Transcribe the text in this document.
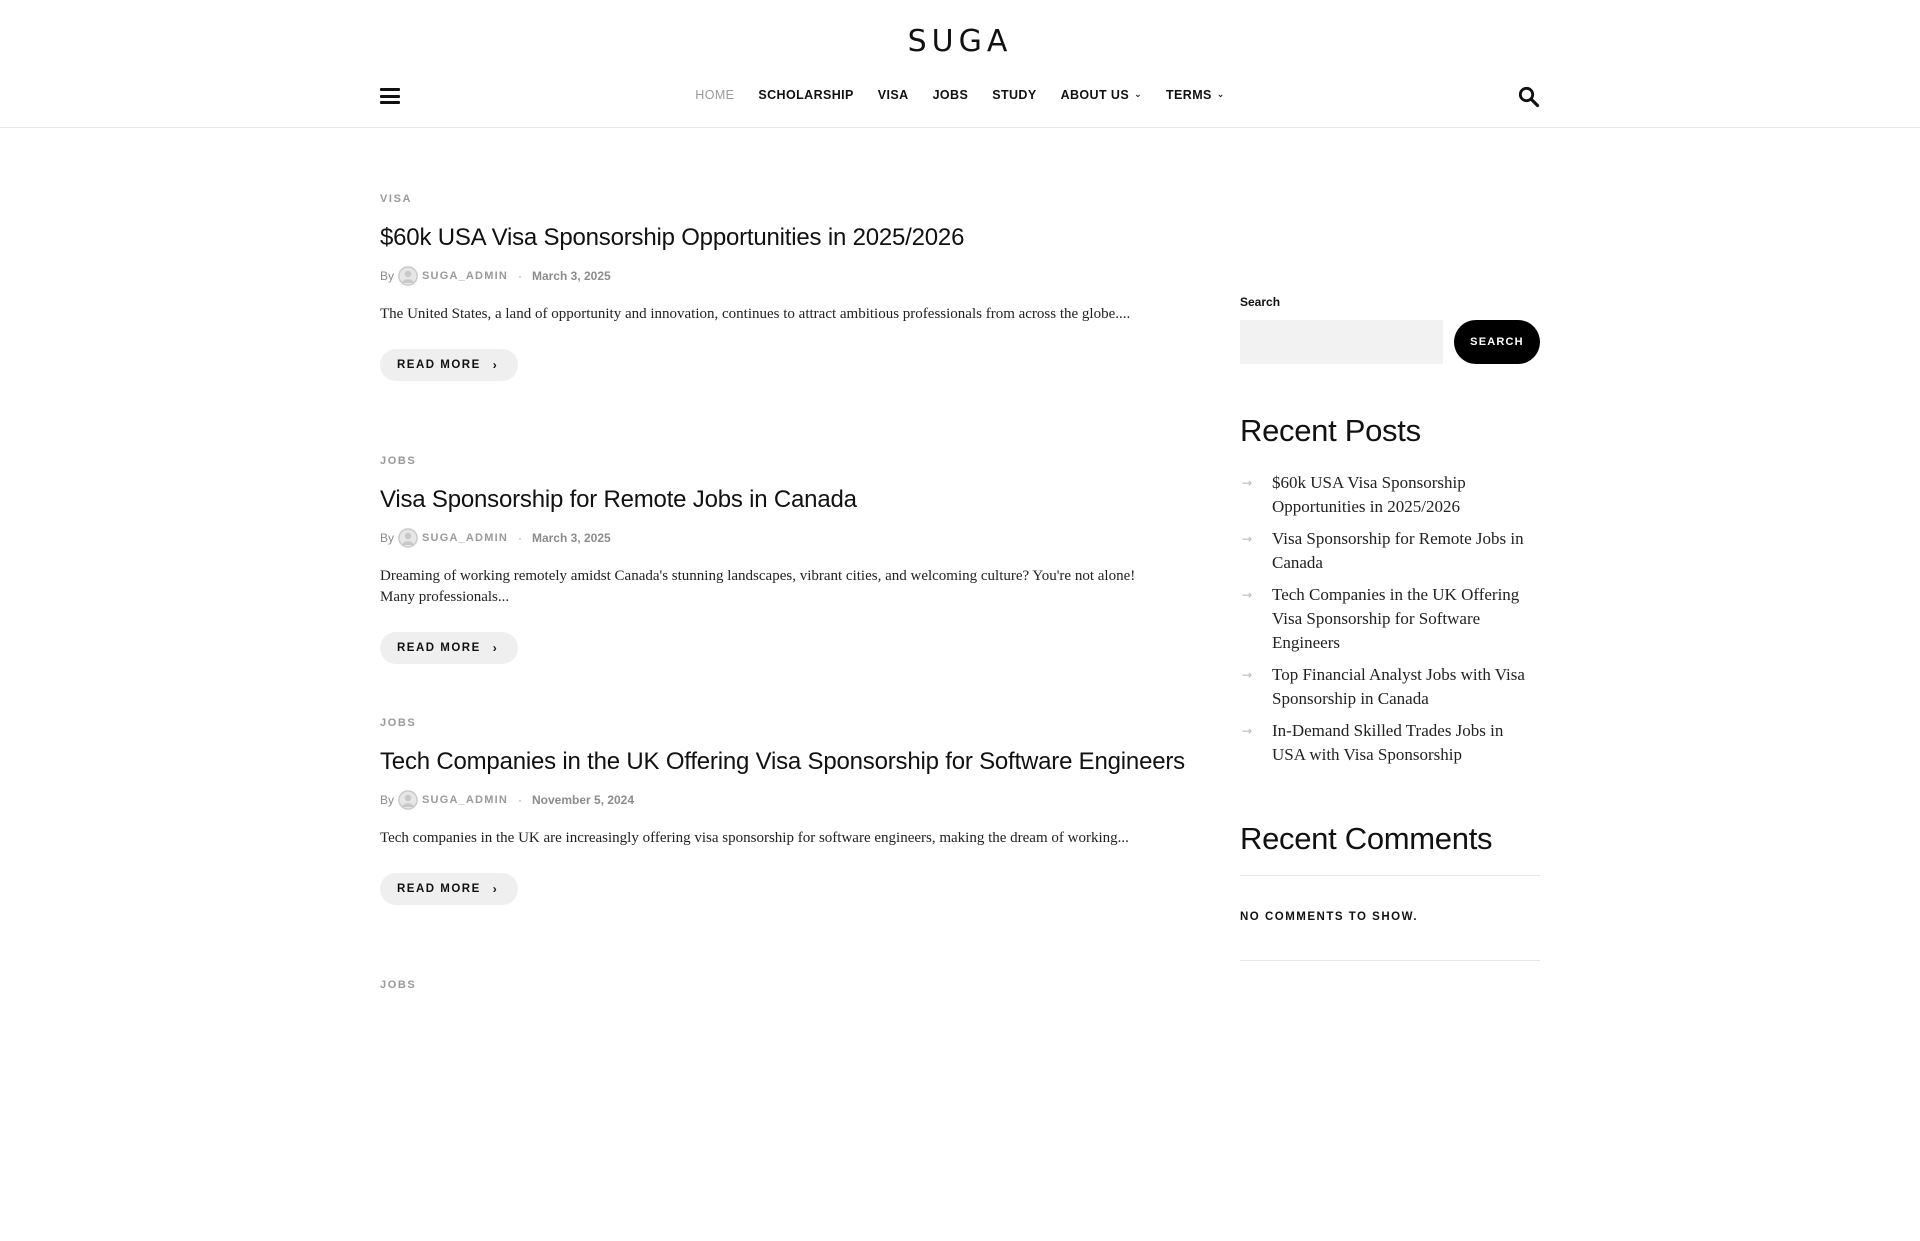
SUGA
HOME SCHOLARSHIP VISA JOBS STUDY ABOUT US ⌄ TERMS ⌄
VISA
$60k USA Visa Sponsorship Opportunities in 2025/2026
By	SUGA_ADMIN · March 3, 2025
The United States, a land of opportunity and innovation, continues to attract ambitious professionals from across the globe....
READ MORE ›
JOBS
Visa Sponsorship for Remote Jobs in Canada
By	SUGA_ADMIN · March 3, 2025
Dreaming of working remotely amidst Canada's stunning landscapes, vibrant cities, and welcoming culture? You're not alone! Many professionals...
READ MORE ›
JOBS
Tech Companies in the UK Offering Visa Sponsorship for Software Engineers
By	SUGA_ADMIN · November 5, 2024
Tech companies in the UK are increasingly offering visa sponsorship for software engineers, making the dream of working...
READ MORE ›
JOBS
Search
SEARCH
Recent Posts
→ $60k USA Visa Sponsorship Opportunities in 2025/2026
→ Visa Sponsorship for Remote Jobs in Canada
→ Tech Companies in the UK Offering Visa Sponsorship for Software Engineers
→ Top Financial Analyst Jobs with Visa Sponsorship in Canada
→ In-Demand Skilled Trades Jobs in USA with Visa Sponsorship
Recent Comments
NO COMMENTS TO SHOW.
